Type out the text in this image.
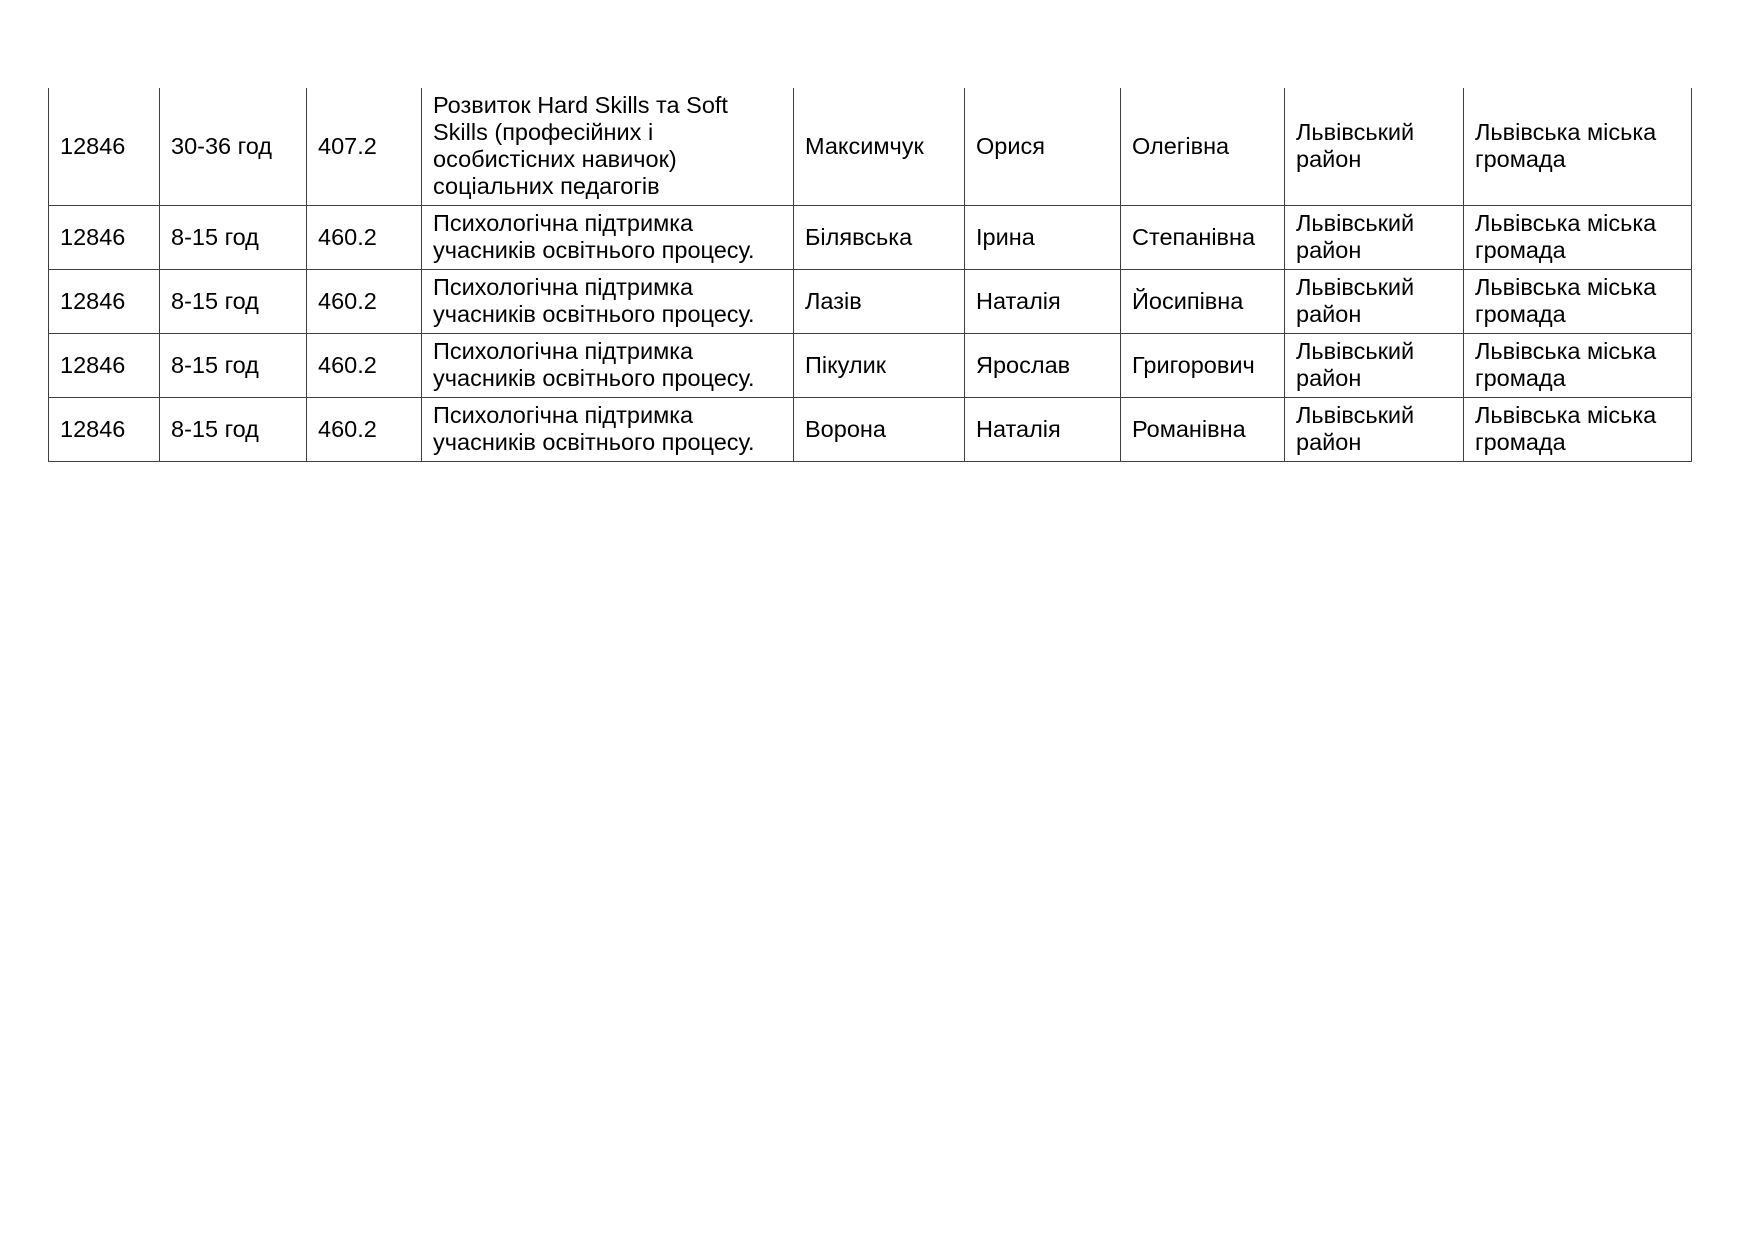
12846	30-36 год	407.2	Розвиток Hard Skills та Soft Skills (професійних і особистісних навичок) соціальних педагогів	Максимчук	Орися	Олегівна	Львівський район	Львівська міська громада
12846	8-15 год	460.2	Психологічна підтримка учасників освітнього процесу.	Білявська	Ірина	Степанівна	Львівський район	Львівська міська громада
12846	8-15 год	460.2	Психологічна підтримка учасників освітнього процесу.	Лазів	Наталія	Йосипівна	Львівський район	Львівська міська громада
12846	8-15 год	460.2	Психологічна підтримка учасників освітнього процесу.	Пікулик	Ярослав	Григорович	Львівський район	Львівська міська громада
12846	8-15 год	460.2	Психологічна підтримка учасників освітнього процесу.	Ворона	Наталія	Романівна	Львівський район	Львівська міська громада
